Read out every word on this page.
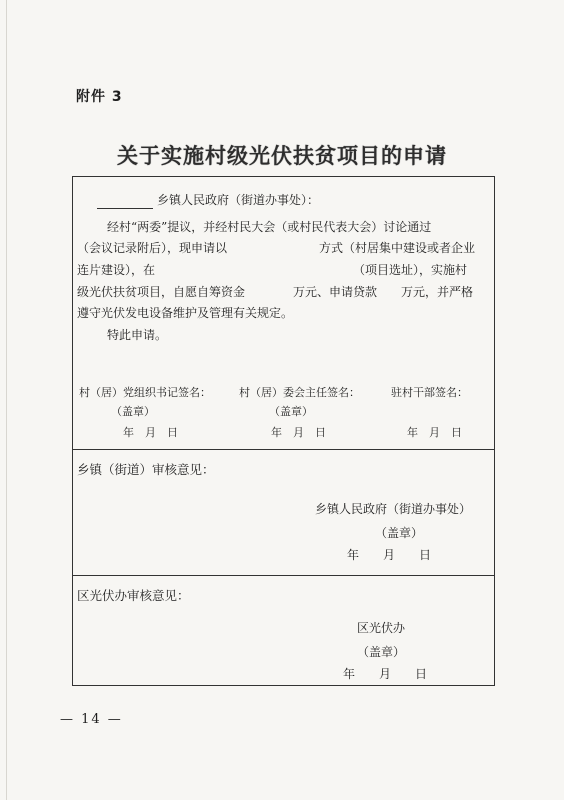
附件 3
关于实施村级光伏扶贫项目的申请
乡镇人民政府（街道办事处）：
经村“两委”提议，并经村民大会（或村民代表大会）讨论通过
（会议记录附后），现申请以	方式（村居集中建设或者企业
连片建设），在	（项目选址），实施村
级光伏扶贫项目，自愿自筹资金	万元、申请贷款 万元，并严格
遵守光伏发电设备维护及管理有关规定。
特此申请。
村（居）党组织书记签名：	村（居）委会主任签名：	驻村干部签名：
（盖章）	（盖章）
年　月　日	年　月　日	年　月　日
乡镇（街道）审核意见：
乡镇人民政府（街道办事处）
（盖章）
年　　月　　日
区光伏办审核意见：
区光伏办
（盖章）
年　　月　　日
— 14 —
